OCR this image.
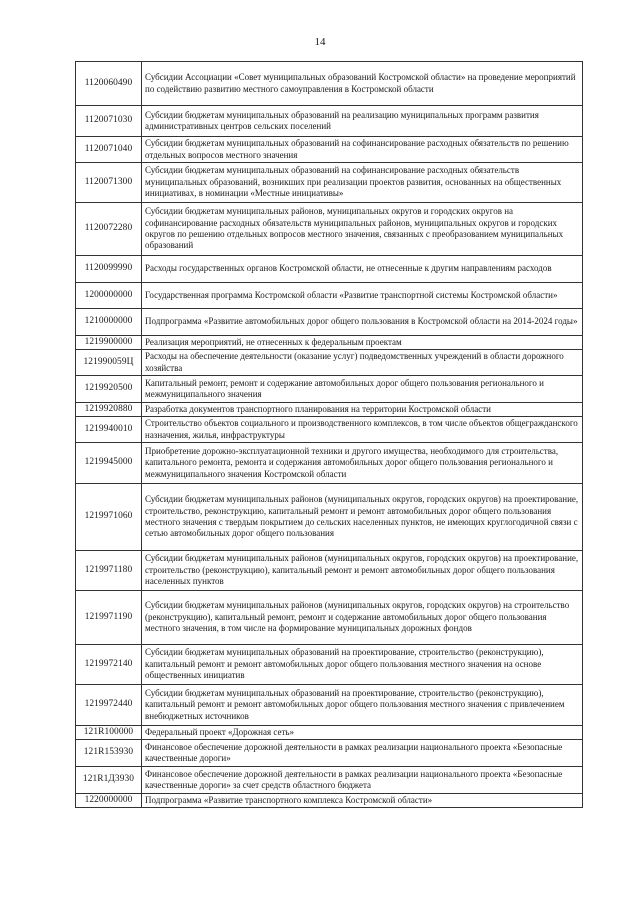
14
1120060490	Субсидии Ассоциации «Совет муниципальных образований Костромской области» на проведение мероприятий по содействию развитию местного самоуправления в Костромской области
1120071030	Субсидии бюджетам муниципальных образований на реализацию муниципальных программ развития административных центров сельских поселений
1120071040	Субсидии бюджетам муниципальных образований на софинансирование расходных обязательств по решению отдельных вопросов местного значения
1120071300	Субсидии бюджетам муниципальных образований на софинансирование расходных обязательств муниципальных образований, возникших при реализации проектов развития, основанных на общественных инициативах, в номинации «Местные инициативы»
1120072280	Субсидии бюджетам муниципальных районов, муниципальных округов и городских округов на софинансирование расходных обязательств муниципальных районов, муниципальных округов и городских округов по решению отдельных вопросов местного значения, связанных с преобразованием муниципальных образований
1120099990	Расходы государственных органов Костромской области, не отнесенные к другим направлениям расходов
1200000000	Государственная программа Костромской области «Развитие транспортной системы Костромской области»
1210000000	Подпрограмма «Развитие автомобильных дорог общего пользования в Костромской области на 2014-2024 годы»
1219900000	Реализация мероприятий, не отнесенных к федеральным проектам
121990059Ц	Расходы на обеспечение деятельности (оказание услуг) подведомственных учреждений в области дорожного хозяйства
1219920500	Капитальный ремонт, ремонт и содержание автомобильных дорог общего пользования регионального и межмуниципального значения
1219920880	Разработка документов транспортного планирования на территории Костромской области
1219940010	Строительство объектов социального и производственного комплексов, в том числе объектов общегражданского назначения, жилья, инфраструктуры
1219945000	Приобретение дорожно-эксплуатационной техники и другого имущества, необходимого для строительства, капитального ремонта, ремонта и содержания автомобильных дорог общего пользования регионального и межмуниципального значения Костромской области
1219971060	Субсидии бюджетам муниципальных районов (муниципальных округов, городских округов) на проектирование, строительство, реконструкцию, капитальный ремонт и ремонт автомобильных дорог общего пользования местного значения с твердым покрытием до сельских населенных пунктов, не имеющих круглогодичной связи с сетью автомобильных дорог общего пользования
1219971180	Субсидии бюджетам муниципальных районов (муниципальных округов, городских округов) на проектирование, строительство (реконструкцию), капитальный ремонт и ремонт автомобильных дорог общего пользования населенных пунктов
1219971190	Субсидии бюджетам муниципальных районов (муниципальных округов, городских округов) на строительство (реконструкцию), капитальный ремонт, ремонт и содержание автомобильных дорог общего пользования местного значения, в том числе на формирование муниципальных дорожных фондов
1219972140	Субсидии бюджетам муниципальных образований на проектирование, строительство (реконструкцию), капитальный ремонт и ремонт автомобильных дорог общего пользования местного значения на основе общественных инициатив
1219972440	Субсидии бюджетам муниципальных образований на проектирование, строительство (реконструкцию), капитальный ремонт и ремонт автомобильных дорог общего пользования местного значения с привлечением внебюджетных источников
121R100000	Федеральный проект «Дорожная сеть»
121R153930	Финансовое обеспечение дорожной деятельности в рамках реализации национального проекта «Безопасные качественные дороги»
121R1Д3930	Финансовое обеспечение дорожной деятельности в рамках реализации национального проекта «Безопасные качественные дороги» за счет средств областного бюджета
1220000000	Подпрограмма «Развитие транспортного комплекса Костромской области»
